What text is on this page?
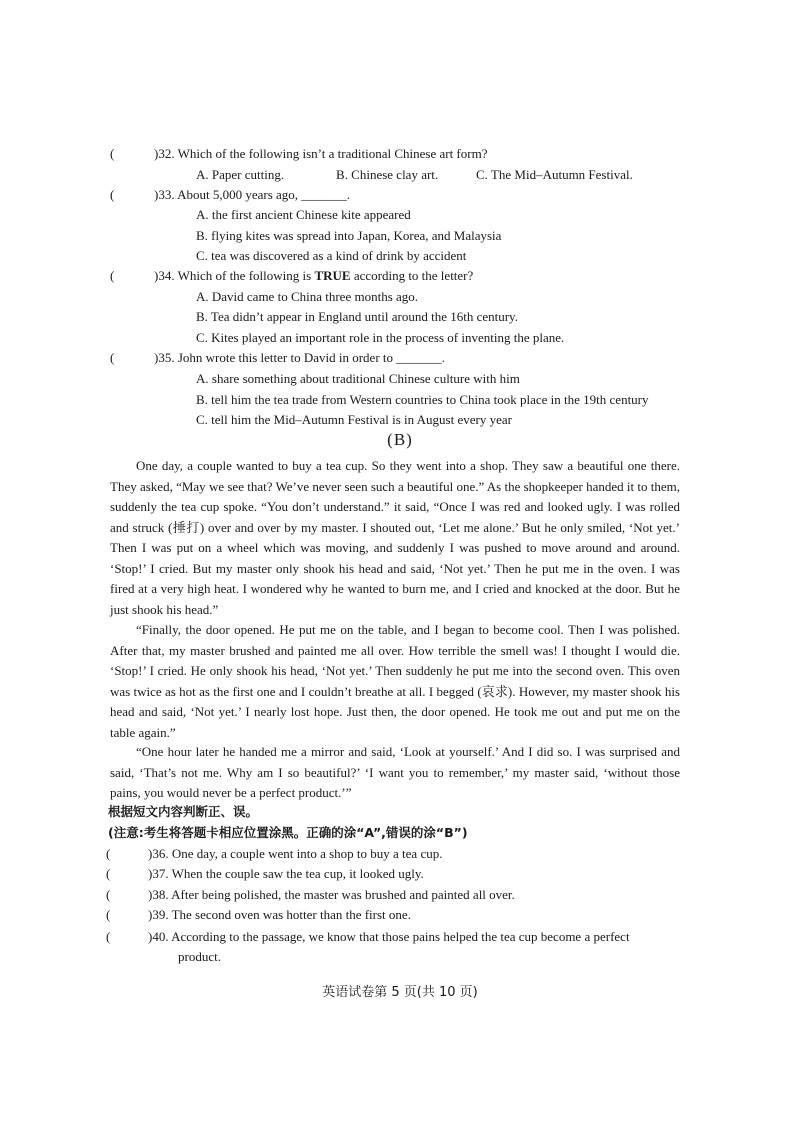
(	)32. Which of the following isn’t a traditional Chinese art form?
A. Paper cutting.	B. Chinese clay art.	C. The Mid–Autumn Festival.
(	)33. About 5,000 years ago, _______.
A. the first ancient Chinese kite appeared
B. flying kites was spread into Japan, Korea, and Malaysia
C. tea was discovered as a kind of drink by accident
(	)34. Which of the following is TRUE according to the letter?
A. David came to China three months ago.
B. Tea didn’t appear in England until around the 16th century.
C. Kites played an important role in the process of inventing the plane.
(	)35. John wrote this letter to David in order to _______.
A. share something about traditional Chinese culture with him
B. tell him the tea trade from Western countries to China took place in the 19th century
C. tell him the Mid–Autumn Festival is in August every year
(B)

One day, a couple wanted to buy a tea cup. So they went into a shop. They saw a beautiful one there. They asked, “May we see that? We’ve never seen such a beautiful one.” As the shopkeeper handed it to them, suddenly the tea cup spoke. “You don’t understand.” it said, “Once I was red and looked ugly. I was rolled and struck (捶打) over and over by my master. I shouted out, ‘Let me alone.’ But he only smiled, ‘Not yet.’ Then I was put on a wheel which was moving, and suddenly I was pushed to move around and around. ‘Stop!’ I cried. But my master only shook his head and said, ‘Not yet.’ Then he put me in the oven. I was fired at a very high heat. I wondered why he wanted to burn me, and I cried and knocked at the door. But he just shook his head.”

“Finally, the door opened. He put me on the table, and I began to become cool. Then I was polished. After that, my master brushed and painted me all over. How terrible the smell was! I thought I would die. ‘Stop!’ I cried. He only shook his head, ‘Not yet.’ Then suddenly he put me into the second oven. This oven was twice as hot as the first one and I couldn’t breathe at all. I begged (哀求). However, my master shook his head and said, ‘Not yet.’ I nearly lost hope. Just then, the door opened. He took me out and put me on the table again.”

“One hour later he handed me a mirror and said, ‘Look at yourself.’ And I did so. I was surprised and said, ‘That’s not me. Why am I so beautiful?’ ‘I want you to remember,’ my master said, ‘without those pains, you would never be a perfect product.’”

根据短文内容判断正、误。
(注意:考生将答题卡相应位置涂黑。正确的涂“A”,错误的涂“B”)
(	)36. One day, a couple went into a shop to buy a tea cup.
(	)37. When the couple saw the tea cup, it looked ugly.
(	)38. After being polished, the master was brushed and painted all over.
(	)39. The second oven was hotter than the first one.
(	)40. According to the passage, we know that those pains helped the tea cup become a perfect
product.
英语试卷第 5 页(共 10 页)
